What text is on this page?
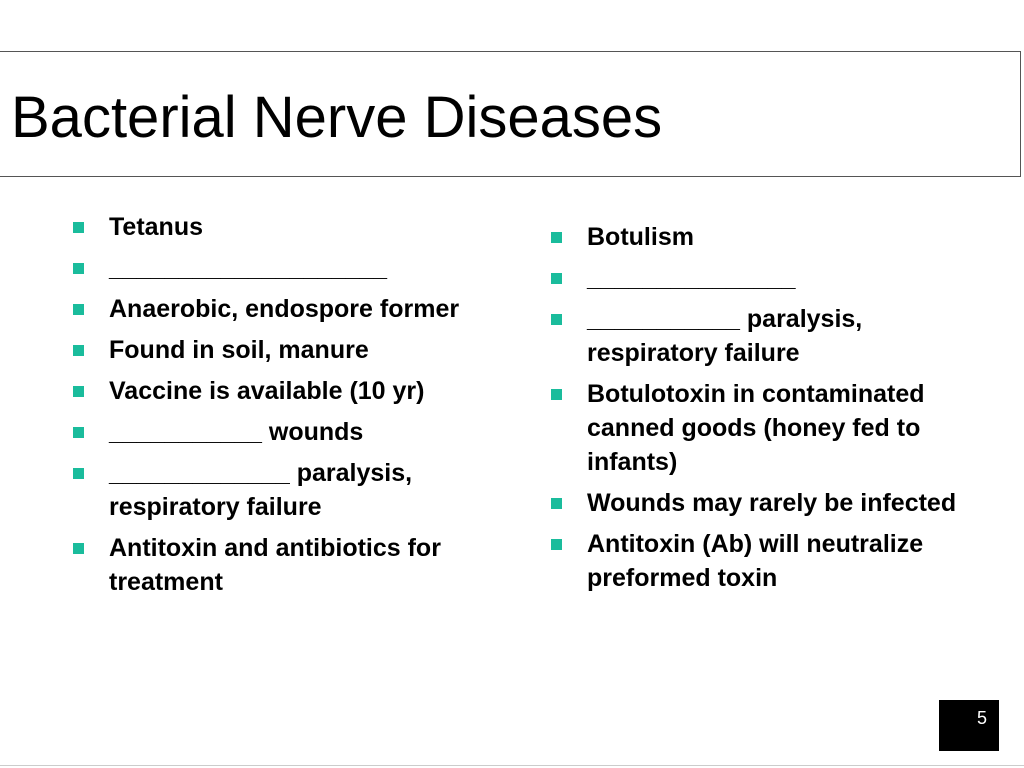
Bacterial Nerve Diseases
Tetanus
____________________
Anaerobic, endospore former
Found in soil, manure
Vaccine is available (10 yr)
___________ wounds
_____________ paralysis, respiratory failure
Antitoxin and antibiotics for treatment
Botulism
_______________
___________ paralysis, respiratory failure
Botulotoxin in contaminated canned goods (honey fed to infants)
Wounds may rarely be infected
Antitoxin (Ab) will neutralize preformed toxin
5
